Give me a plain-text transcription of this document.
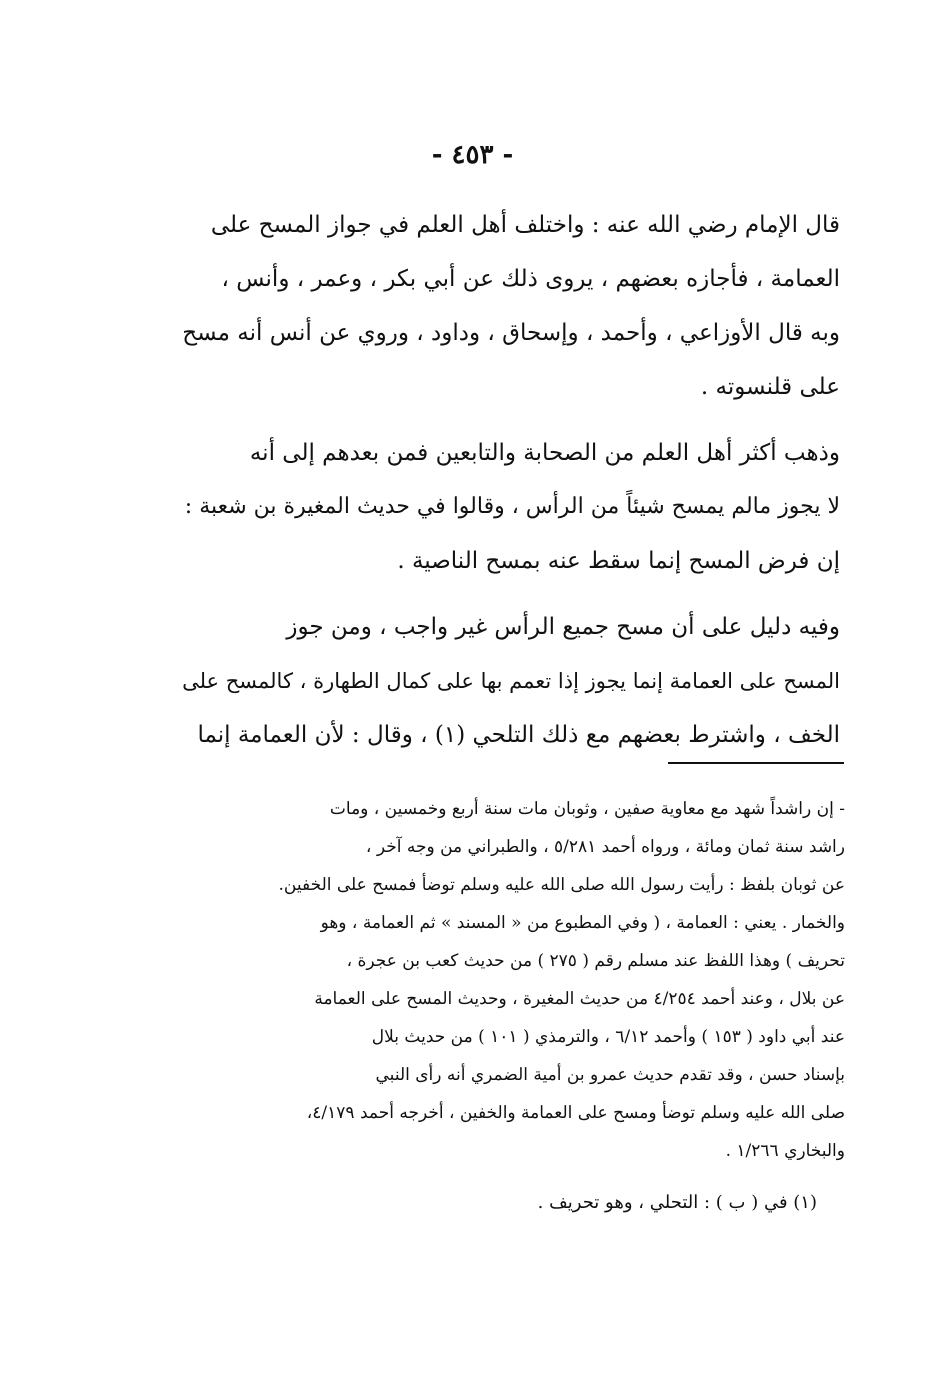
- ٤٥٣ -

قال الإمام رضي الله عنه : واختلف أهل العلم في جواز المسح على
العمامة ، فأجازه بعضهم ، يروى ذلك عن أبي بكر ، وعمر ، وأنس ،
وبه قال الأوزاعي ، وأحمد ، وإسحاق ، وداود ، وروي عن أنس أنه مسح
على قلنسوته .

وذهب أكثر أهل العلم من الصحابة والتابعين فمن بعدهم إلى أنه
لا يجوز مالم يمسح شيئاً من الرأس ، وقالوا في حديث المغيرة بن شعبة :
إن فرض المسح إنما سقط عنه بمسح الناصية .

وفيه دليل على أن مسح جميع الرأس غير واجب ، ومن جوز
المسح على العمامة إنما يجوز إذا تعمم بها على كمال الطهارة ، كالمسح على
الخف ، واشترط بعضهم مع ذلك التلحي (١) ، وقال : لأن العمامة إنما

- إن راشداً شهد مع معاوية صفين ، وثوبان مات سنة أربع وخمسين ، ومات
راشد سنة ثمان ومائة ، ورواه أحمد ٥/٢٨١ ، والطبراني من وجه آخر ،
عن ثوبان بلفظ : رأيت رسول الله صلى الله عليه وسلم توضأ فمسح على الخفين.
والخمار . يعني : العمامة ، ( وفي المطبوع من « المسند » ثم العمامة ، وهو
تحريف ) وهذا اللفظ عند مسلم رقم ( ٢٧٥ ) من حديث كعب بن عجرة ،
عن بلال ، وعند أحمد ٤/٢٥٤ من حديث المغيرة ، وحديث المسح على العمامة
عند أبي داود ( ١٥٣ ) وأحمد ٦/١٢ ، والترمذي ( ١٠١ ) من حديث بلال
بإسناد حسن ، وقد تقدم حديث عمرو بن أمية الضمري أنه رأى النبي
صلى الله عليه وسلم توضأ ومسح على العمامة والخفين ، أخرجه أحمد ٤/١٧٩،
والبخاري ١/٢٦٦ .

(١) في ( ب ) : التحلي ، وهو تحريف .
